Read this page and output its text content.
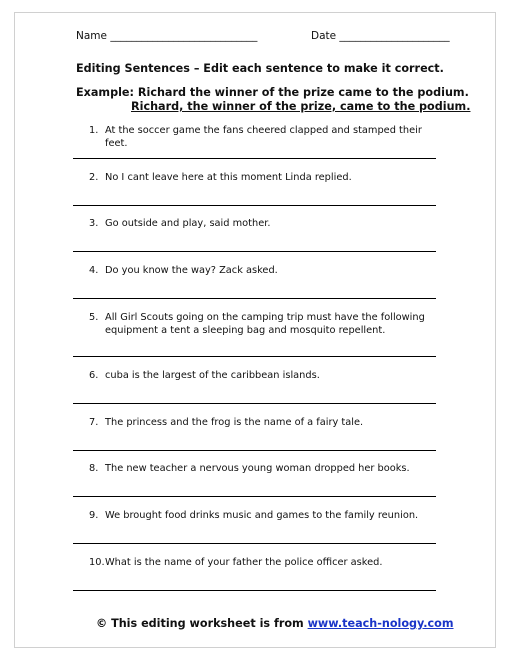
Name ____________________________	Date _____________________
Editing Sentences – Edit each sentence to make it correct.
Example: Richard the winner of the prize came to the podium.
Richard, the winner of the prize, came to the podium.
1. At the soccer game the fans cheered clapped and stamped their feet.
2. No I cant leave here at this moment Linda replied.
3. Go outside and play, said mother.
4. Do you know the way? Zack asked.
5. All Girl Scouts going on the camping trip must have the following equipment a tent a sleeping bag and mosquito repellent.
6. cuba is the largest of the caribbean islands.
7. The princess and the frog is the name of a fairy tale.
8. The new teacher a nervous young woman dropped her books.
9. We brought food drinks music and games to the family reunion.
10. What is the name of your father the police officer asked.
© This editing worksheet is from www.teach-nology.com
